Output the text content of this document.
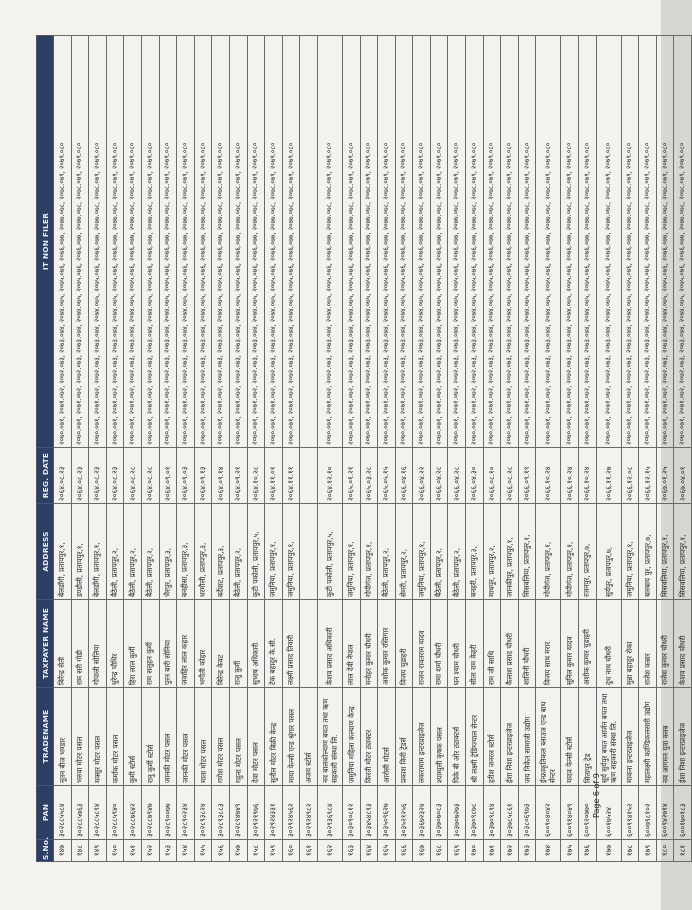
S.No.	PAN	TRADENAME	TAXPAYER NAME	ADDRESS	REG. DATE	IT NON FILER
१४७	३०२८८५५८४	नूतन बीज भण्डार	बिरेन्द्र सेती	बेलडाँगी, प्रतापपुर,१,	२०६४.०८.२३	२०७०.०७१, २०७१.०७२, २०७२.०७३, २०७३.०७४, २०७४.०७५, २०७५.०७६, २०७६.०७७, २०७७.०७८, २०७८.०७९, २०७९.०८०
१४८	३०२८८५७६३	भरुवा मोटर पसल	राम सरी गोडी	डण्डौली, प्रतापपुर,१,	२०६४.०८.२३	२०७०.०७१, २०७१.०७२, २०७२.०७३, २०७३.०७४, २०७४.०७५, २०७५.०७६, २०७६.०७७, २०७७.०७८, २०७८.०७९, २०७९.०८०
१४९	३०२८८५८९४	मक्सुर मोटर पसल	गोपाली सोलिया	बेलडाँगी, प्रतापपुर,१,	२०६४.०८.२३	२०७०.०७१, २०७१.०७२, २०७२.०७३, २०७३.०७४, २०७४.०७५, २०७५.०७६, २०७६.०७७, २०७७.०७८, २०७८.०७९, २०७९.०८०
१५०	३०२८८५९४०	कर्माक मोटर पसल	धुरेन्द्र चौधिर	बैठेली, प्रतापपुर,२,	२०६४.०८.२३	२०७०.०७१, २०७१.०७२, २०७२.०७३, २०७३.०७४, २०७४.०७५, २०७५.०७६, २०७६.०७७, २०७७.०७८, २०७८.०७९, २०७९.०८०
१५१	३०२८८७६४२	कुमी स्टोर्स	हिरा लाल कुर्मी	बैठेली, प्रतापपुर,२,	२०६४.०८.२८	२०७०.०७१, २०७१.०७२, २०७२.०७३, २०७३.०७४, २०७४.०७५, २०७५.०७६, २०७६.०७७, २०७७.०७८, २०७८.०७९, २०७९.०८०
१५२	३०२८८७९४७	रानु कुर्मी स्टोर्स	राम सलुहन कुर्मी	बैठेली, प्रतापपुर,२,	२०६४.०८.२८	२०७०.०७१, २०७१.०७२, २०७२.०७३, २०७३.०७४, २०७४.०७५, २०७५.०७६, २०७६.०७७, २०७७.०७८, २०७८.०७९, २०७९.०८०
१५३	३०२८९००७७	जानकी मोटर पसल	पुरन बारी सोनिया	भैरपुर, प्रतापपुर,३,	२०६४.०९.०१	२०७०.०७१, २०७१.०७२, २०७२.०७३, २०७३.०७४, २०७४.०७५, २०७५.०७६, २०७६.०७७, २०७७.०७८, २०७८.०७९, २०७९.०८०
१५४	३०२८९०२३४	जानकी मोटर पसल	जवाहिर लाल कहार	बनहीसा, प्रतापपुर,३,	२०६४.०९.०३	२०७०.०७१, २०७१.०७२, २०७२.०७३, २०७३.०७४, २०७४.०७५, २०७५.०७६, २०७६.०७७, २०७७.०७८, २०७८.०७९, २०७९.०८०
१५५	३०२८९३८२४	माता मोटर पसल	भगौती कोहार	धरमौली, प्रतापपुर,३,	२०६४.०९.१३	२०७०.०७१, २०७१.०७२, २०७२.०७३, २०७३.०७४, २०७४.०७५, २०७५.०७६, २०७६.०७७, २०७७.०७८, २०७८.०७९, २०७९.०८०
१५६	३०२८९३८८३	गणेश मोटर पसल	बिरेन्द्र केवट	बर्देवाट, प्रतापपुर,३,	२०६४.०९.१४	२०७०.०७१, २०७१.०७२, २०७२.०७३, २०७३.०७४, २०७४.०७५, २०७५.०७६, २०७६.०७७, २०७७.०७८, २०७८.०७९, २०७९.०८०
१५७	३०२८९४७४९	गहुना मोटर पसल	राजु कुर्मी	बैठेली, प्रतापपुर,२,	२०६४.०९.२१	२०७०.०७१, २०७१.०७२, २०७२.०७३, २०७३.०७४, २०७४.०७५, २०७५.०७६, २०७६.०७७, २०७७.०७८, २०७८.०७९, २०७९.०८०
१५८	३०२९२१९७६	देवा मोटर पसल	सुभाष अधिकारी	कुटी पकोली, प्रतापपुर,५,	२०६४.१०.२८	२०७०.०७१, २०७१.०७२, २०७२.०७३, २०७३.०७४, २०७४.०७५, २०७५.०७६, २०७६.०७७, २०७७.०७८, २०७८.०७९, २०७९.०८०
१५९	३०२९२४३३१	सुनौल मोटर बिक्री केन्द्र	टेक बहादुर के.सी.	जमुनिया, प्रतापपुर,१,	२०६४.११.०१	२०७०.०७१, २०७१.०७२, २०७२.०७३, २०७३.०७४, २०७४.०७५, २०७५.०७६, २०७६.०७७, २०७७.०७८, २०७८.०७९, २०७९.०८०
१६०	३०२९२४५६२	माया फेन्सी एन्ड श्रृंगार पसल	लक्ष्मी प्रसाद तिवारी	जमुनिया, प्रतापपुर,१,	२०६४.११.११	२०७०.०७१, २०७१.०७२, २०७२.०७३, २०७३.०७४, २०७४.०७५, २०७५.०७६, २०७६.०७७, २०७७.०७८, २०७८.०७९, २०७९.०८०
१६१	३०२९२४९८२	अजय स्टोर्स				
१६२	३०२९३६९८४	नव बालकोल्याण बचत तथा ऋण सहकारी संस्था लि.	केशव प्रसाद अधिकारी	कुटी पकोली, प्रतापपुर,५,	२०६४.१२.१०	२०७०.०७१, २०७१.०७२, २०७२.०७३, २०७३.०७४, २०७४.०७५, २०७५.०७६, २०७६.०७७, २०७७.०७८, २०७८.०७९, २०७९.०८०
१६३	३०३०९०८१२	जमुनिया महिला कल्याण केन्द्र	लाल देवी नेपाल	जमुनिया, प्रतापपुर,१,	२०६५.०१.२१	२०७०.०७१, २०७१.०७२, २०७२.०७३, २०७३.०७४, २०७४.०७५, २०७५.०७६, २०७६.०७७, २०७७.०७८, २०७८.०७९, २०७९.०८०
१६४	३०३४५४८९३	किरती मोटर ट्याक्टर	मनोहर कुमार चौधरी	गोपीगंज, प्रतापपुर,१,	२०६५.०३.२८	२०७०.०७१, २०७१.०७२, २०७२.०७३, २०७३.०७४, २०७४.०७५, २०७५.०७६, २०७६.०७७, २०७७.०७८, २०७८.०७९, २०७९.०८०
१६५	३०३५०९६२७	आरोसी मोटर्स	अशोक कुमार रस्तिगार	बैठेली, प्रतापपुर,२,	२०६५.०५.१५	२०७०.०७१, २०७१.०७२, २०७२.०७३, २०७३.०७४, २०७४.०७५, २०७५.०७६, २०७६.०७७, २०७७.०७८, २०७८.०७९, २०७९.०८०
१६६	३०३५२१२५६	प्रकाश किरी ट्रेडर्स	विजय चुडाहरी	सेमरी, प्रतापपुर,२,	२०६६.०४.१६	२०७०.०७१, २०७१.०७२, २०७२.०७३, २०७३.०७४, २०७४.०७५, २०७५.०७६, २०७६.०७७, २०७७.०७८, २०७८.०७९, २०७९.०८०
१६७	३०३६७२३२४	लकरामाम इन्टरप्राइजेज	राजन रावतराम यादव	जमुनिया, प्रतापपुर,१,	२०६६.०४.२२	२०७०.०७१, २०७१.०७२, २०७२.०७३, २०७३.०७४, २०७४.०७५, २०७५.०७६, २०७६.०७७, २०७७.०७८, २०७८.०७९, २०७९.०८०
१६८	३०३७०७०८३	श्याम्पुली कृषक पसल	रामा शर्मा चौधरी	बैठेली, प्रतापपुर,२,	२०६६.०४.२८	२०७०.०७१, २०७१.०७२, २०७२.०७३, २०७३.०७४, २०७४.०७५, २०७५.०७६, २०७६.०७७, २०७७.०७८, २०७८.०७९, २०७९.०८०
१६९	३०३७०७२७३	पिके बी ओर ट्याक्टर्स	घन श्याम चौधरी	बैठेली, प्रतापपुर,२,	२०६६.०४.२८	२०७०.०७१, २०७१.०७२, २०७२.०७३, २०७३.०७४, २०७४.०७५, २०७५.०७६, २०७६.०७७, २०७७.०७८, २०७८.०७९, २०७९.०८०
१७०	३०३७०९८७८	श्री लक्ष्मी ट्रेडिंग्ज्याल सेन्टर	सीता राम केहरी	बनहरी, प्रतापपुर,३,	२०६६.०४.३०	२०७०.०७१, २०७१.०७२, २०७२.०७३, २०७३.०७४, २०७४.०७५, २०७५.०७६, २०७६.०७७, २०७७.०७८, २०७८.०७९, २०७९.०८०
१७१	३०३७०९८९४	हरीश जनरल स्टोर्स	राम जी साथि	माथपुर, प्रतापपुर,२,	२०६६.०८.१०	२०७०.०७१, २०७१.०७२, २०७२.०७३, २०७३.०७४, २०७४.०७५, २०७५.०७६, २०७६.०७७, २०७७.०७८, २०७८.०७९, २०७९.०८०
१७२	३०३७८५८६१	ईशा निशा इन्टरप्राइजेज	कैलाश प्रसाद चौधरी	जानकीपुर, प्रतापपुर,१,	२०६६.०८.२८	२०७०.०७१, २०७१.०७२, २०७२.०७३, २०७३.०७४, २०७४.०७५, २०७५.०७६, २०७६.०७७, २०७७.०७८, २०७८.०७९, २०७९.०८०
१७३	३०३८०६९७३	जय निकेत सामाजी उद्योग	शालिनी चौधरी	सिसवलिया, प्रतापपुर,१,	२०६६.०९.१९	२०७०.०७१, २०७१.०७२, २०७२.०७३, २०७३.०७४, २०७४.०७५, २०७५.०७६, २०७६.०७७, २०७७.०७८, २०७८.०७९, २०७९.०८०
१७४	६००९०४०४२	ईन्फ्राकृतिकल ब्लाउज एन्ड बाथ सेन्टर	विजय साथ मरार	गोपीगंज, प्रतापपुर,१,	२०६६.१०.२४	२०७०.०७१, २०७१.०७२, २०७२.०७३, २०७३.०७४, २०७४.०७५, २०७५.०७६, २०७६.०७७, २०७७.०७८, २०७८.०७९, २०७९.०८०
१७५	६००९१४०४९	यादव फेन्सी स्टोर्स	सुनिल कुमार यादव	गोपीगंज, प्रतापपुर,१,	२०६६.१०.२४	२०७०.०७१, २०७१.०७२, २०७२.०७३, २०७३.०७४, २०७४.०७५, २०७५.०७६, २०७६.०७७, २०७७.०७८, २०७८.०७९, २०७९.०८०
१७६	६००९२०७७०	सितापुर ट्रेड	अशोक कुमार चुडाहरी	रजनपुर, प्रतापपुर,७,	२०६६.१०.२४	२०७०.०७१, २०७१.०७२, २०७२.०७३, २०७३.०७४, २०७४.०७५, २०७५.०७६, २०७६.०७७, २०७७.०७८, २०७८.०७९, २०७९.०८०
१७७	६००१७५२४	सूर्य सुर्यपुर बचत आर्जन बचत तथा ऋण सहकारी संस्था लि.	दुध नाथ चौधरी	सुर्यपुर, प्रतापपुर,७,	२०६६.११.२७	२०७०.०७१, २०७१.०७२, २०७२.०७३, २०७३.०७४, २०७४.०७५, २०७५.०७६, २०७६.०७७, २०७७.०७८, २०७८.०७९, २०७९.०८०
१७८	६००९९४१५२	माकना इन्टरप्राइजेज	मुन्ना बहादुर रोका	जमुनिया, प्रतापपुर,१,	२०६६.१२.०८	२०७०.०७१, २०७१.०७२, २०७२.०७३, २०७३.०७४, २०७४.०७५, २०७५.०७६, २०७६.०७७, २०७७.०७८, २०७८.०७९, २०७९.०८०
१७९	६००७९८१०२	महालक्ष्मी काण्डिकलसारी उद्योग	राजेश कन्नार	बारबाय पुर, प्रतापपुर,७,	२०६६.१२.१५	२०७०.०७१, २०७१.०७२, २०७२.०७३, २०७३.०७४, २०७४.०७५, २०७५.०७६, २०७६.०७७, २०७७.०७८, २०७८.०७९, २०७९.०८०
१८०	६००९४२७१४	नव आगमन युवा क्लब	राजेश कुमार चौधरी	सिसवलिया, प्रतापपुर,१,	२०६७.०१.२५	२०७०.०७१, २०७१.०७२, २०७२.०७३, २०७३.०७४, २०७४.०७५, २०७५.०७६, २०७६.०७७, २०७७.०७८, २०७८.०७९, २०७९.०८०
१८१	६००१७०१८३	ईशा निशा इन्टरप्राइजेज	केशव प्रसाद चौधरी	सिसवलिया, प्रतापपुर,१,	२०६७.०४.०१	२०७०.०७१, २०७१.०७२, २०७२.०७३, २०७३.०७४, २०७४.०७५, २०७५.०७६, २०७६.०७७, २०७७.०७८, २०७८.०७९, २०७९.०८०
Page 6 of 9
